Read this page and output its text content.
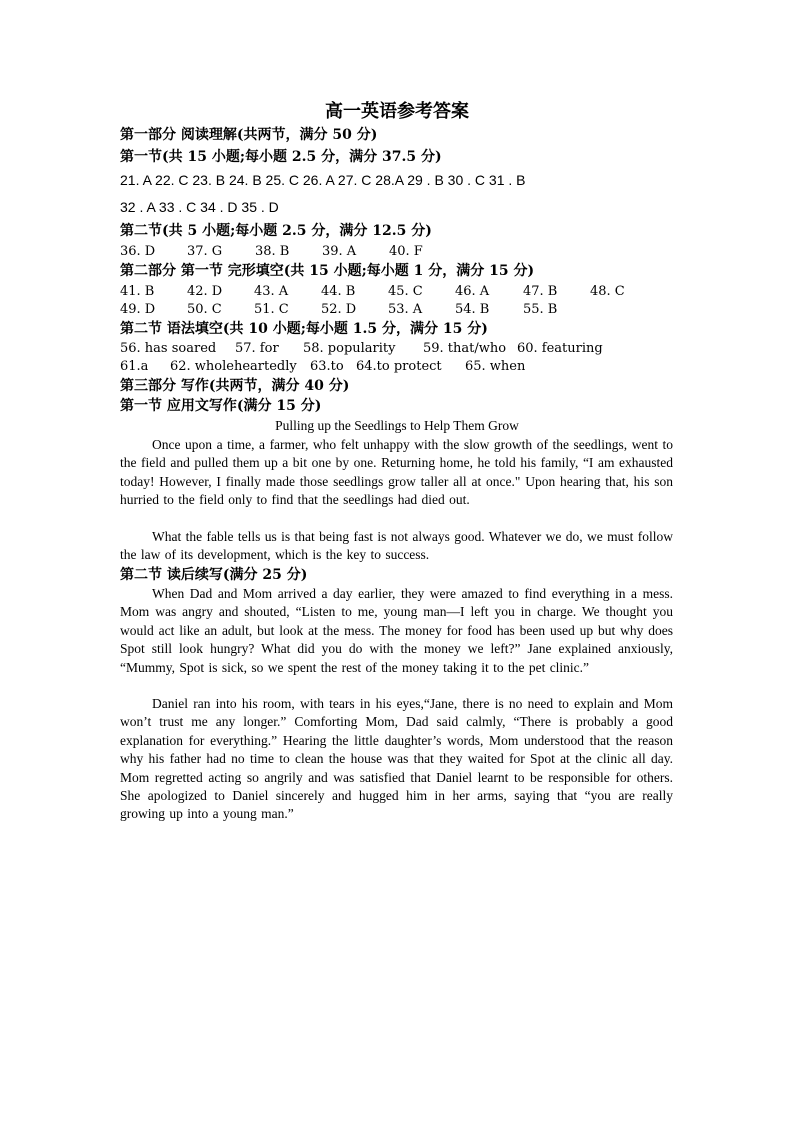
高一英语参考答案
第一部分 阅读理解(共两节，满分 50 分)
第一节(共 15 小题;每小题 2.5 分，满分 37.5 分)
21. A 22. C 23. B 24. B 25. C 26. A 27. C 28.A 29 . B 30 . C 31 . B
32 . A 33 . C 34 . D 35 . D
第二节(共 5 小题;每小题 2.5 分，满分 12.5 分)
36. D 37. G	38. B	39. A	40. F
第二部分 第一节 完形填空(共 15 小题;每小题 1 分，满分 15 分)
41. B	42. D 43. A	44. B	45. C 46. A	47. B	48. C
49. D 50. C 51. C 52. D 53. A	54. B	55. B
第二节 语法填空(共 10 小题;每小题 1.5 分，满分 15 分)
56. has soared 57. for 58. popularity 59. that/who 60. featuring
61.a 62. wholeheartedly 63.to 64.to protect 65. when
第三部分 写作(共两节，满分 40 分)
第一节 应用文写作(满分 15 分)
Pulling up the Seedlings to Help Them Grow

Once upon a time, a farmer, who felt unhappy with the slow growth of the seedlings, went to the field and pulled them up a bit one by one. Returning home, he told his family, “I am exhausted today! However, I finally made those seedlings grow taller all at once." Upon hearing that, his son hurried to the field only to find that the seedlings had died out.

What the fable tells us is that being fast is not always good. Whatever we do, we must follow the law of its development, which is the key to success.

第二节 读后续写(满分 25 分)

When Dad and Mom arrived a day earlier, they were amazed to find everything in a mess. Mom was angry and shouted, “Listen to me, young man—I left you in charge. We thought you would act like an adult, but look at the mess. The money for food has been used up but why does Spot still look hungry? What did you do with the money we left?” Jane explained anxiously, “Mummy, Spot is sick, so we spent the rest of the money taking it to the pet clinic.”

Daniel ran into his room, with tears in his eyes,“Jane, there is no need to explain and Mom won’t trust me any longer.” Comforting Mom, Dad said calmly, “There is probably a good explanation for everything.” Hearing the little daughter’s words, Mom understood that the reason why his father had no time to clean the house was that they waited for Spot at the clinic all day. Mom regretted acting so angrily and was satisfied that Daniel learnt to be responsible for others. She apologized to Daniel sincerely and hugged him in her arms, saying that “you are really growing up into a young man.”
